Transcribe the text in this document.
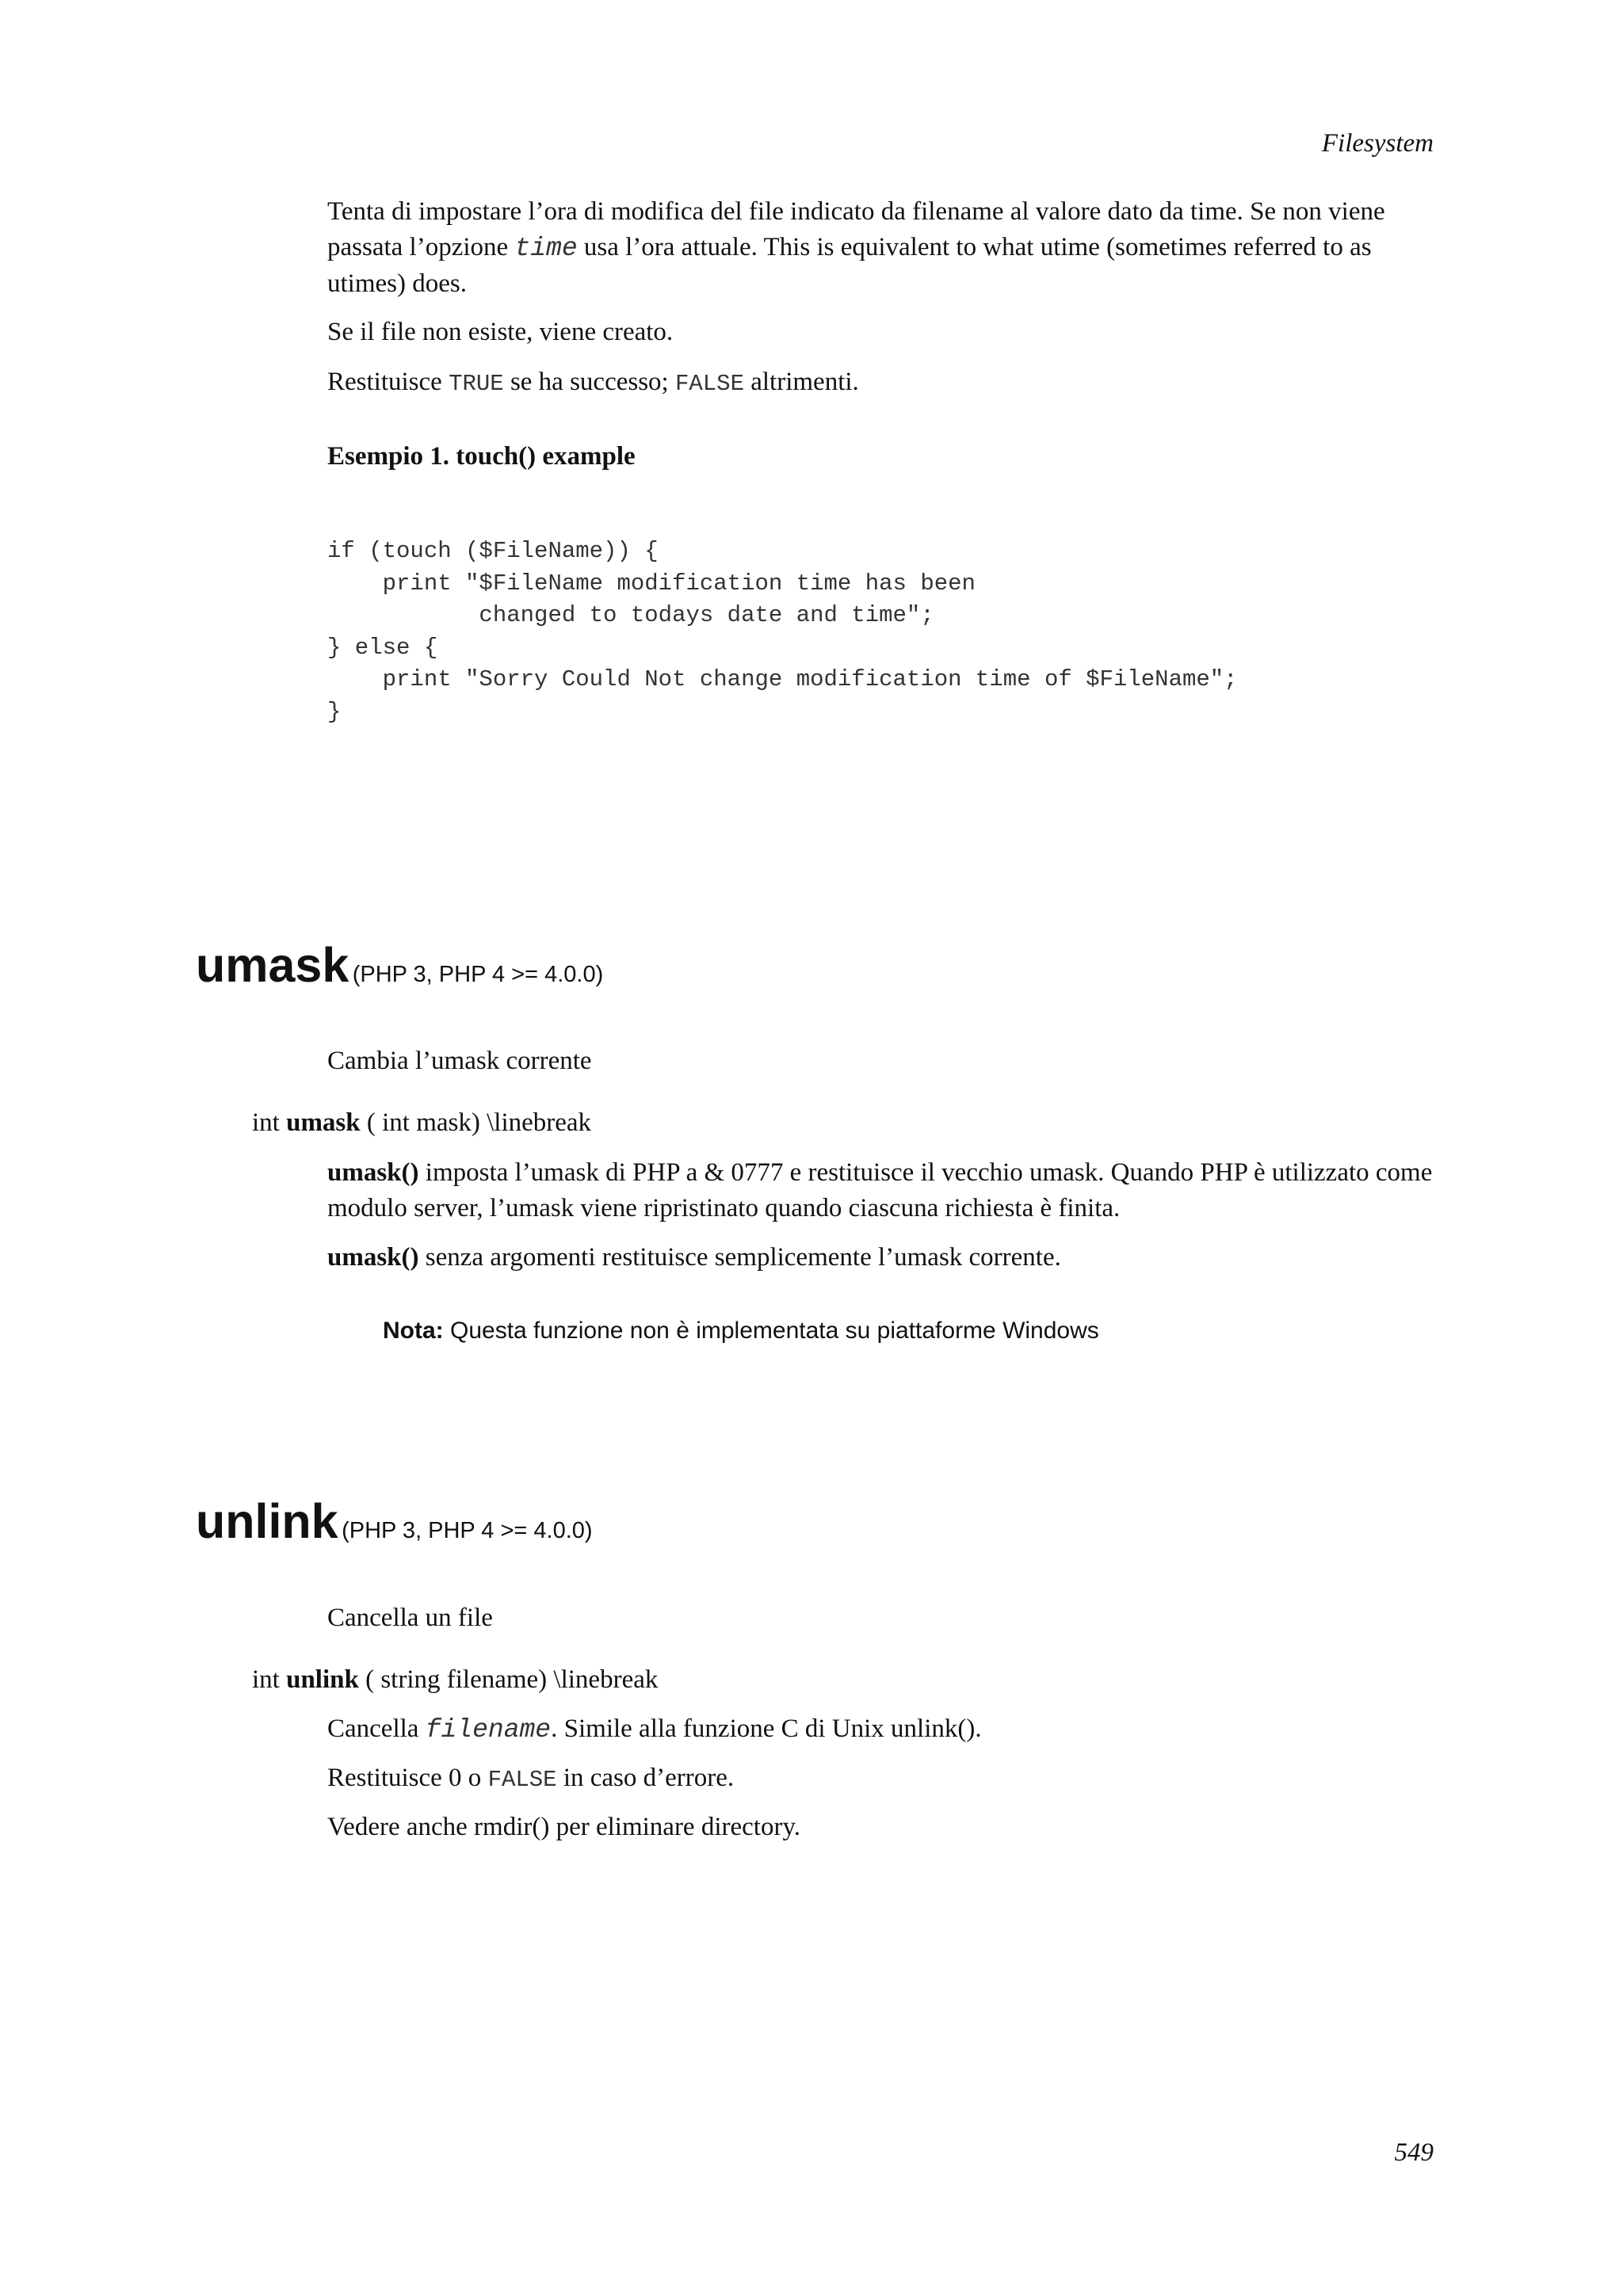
Filesystem

Tenta di impostare l’ora di modifica del file indicato da filename al valore dato da time. Se non viene passata l’opzione time usa l’ora attuale. This is equivalent to what utime (sometimes referred to as utimes) does.

Se il file non esiste, viene creato.

Restituisce TRUE se ha successo; FALSE altrimenti.

Esempio 1. touch() example
if (touch ($FileName)) {
print "$FileName modification time has been
changed to todays date and time";
} else {
print "Sorry Could Not change modification time of $FileName";
}
umask (PHP 3, PHP 4 >= 4.0.0)

Cambia l’umask corrente

int umask ( int mask) \linebreak

umask() imposta l’umask di PHP a & 0777 e restituisce il vecchio umask. Quando PHP è utilizzato come modulo server, l’umask viene ripristinato quando ciascuna richiesta è finita.

umask() senza argomenti restituisce semplicemente l’umask corrente.

Nota: Questa funzione non è implementata su piattaforme Windows
unlink (PHP 3, PHP 4 >= 4.0.0)

Cancella un file

int unlink ( string filename) \linebreak

Cancella filename. Simile alla funzione C di Unix unlink().

Restituisce 0 o FALSE in caso d’errore.

Vedere anche rmdir() per eliminare directory.

549
